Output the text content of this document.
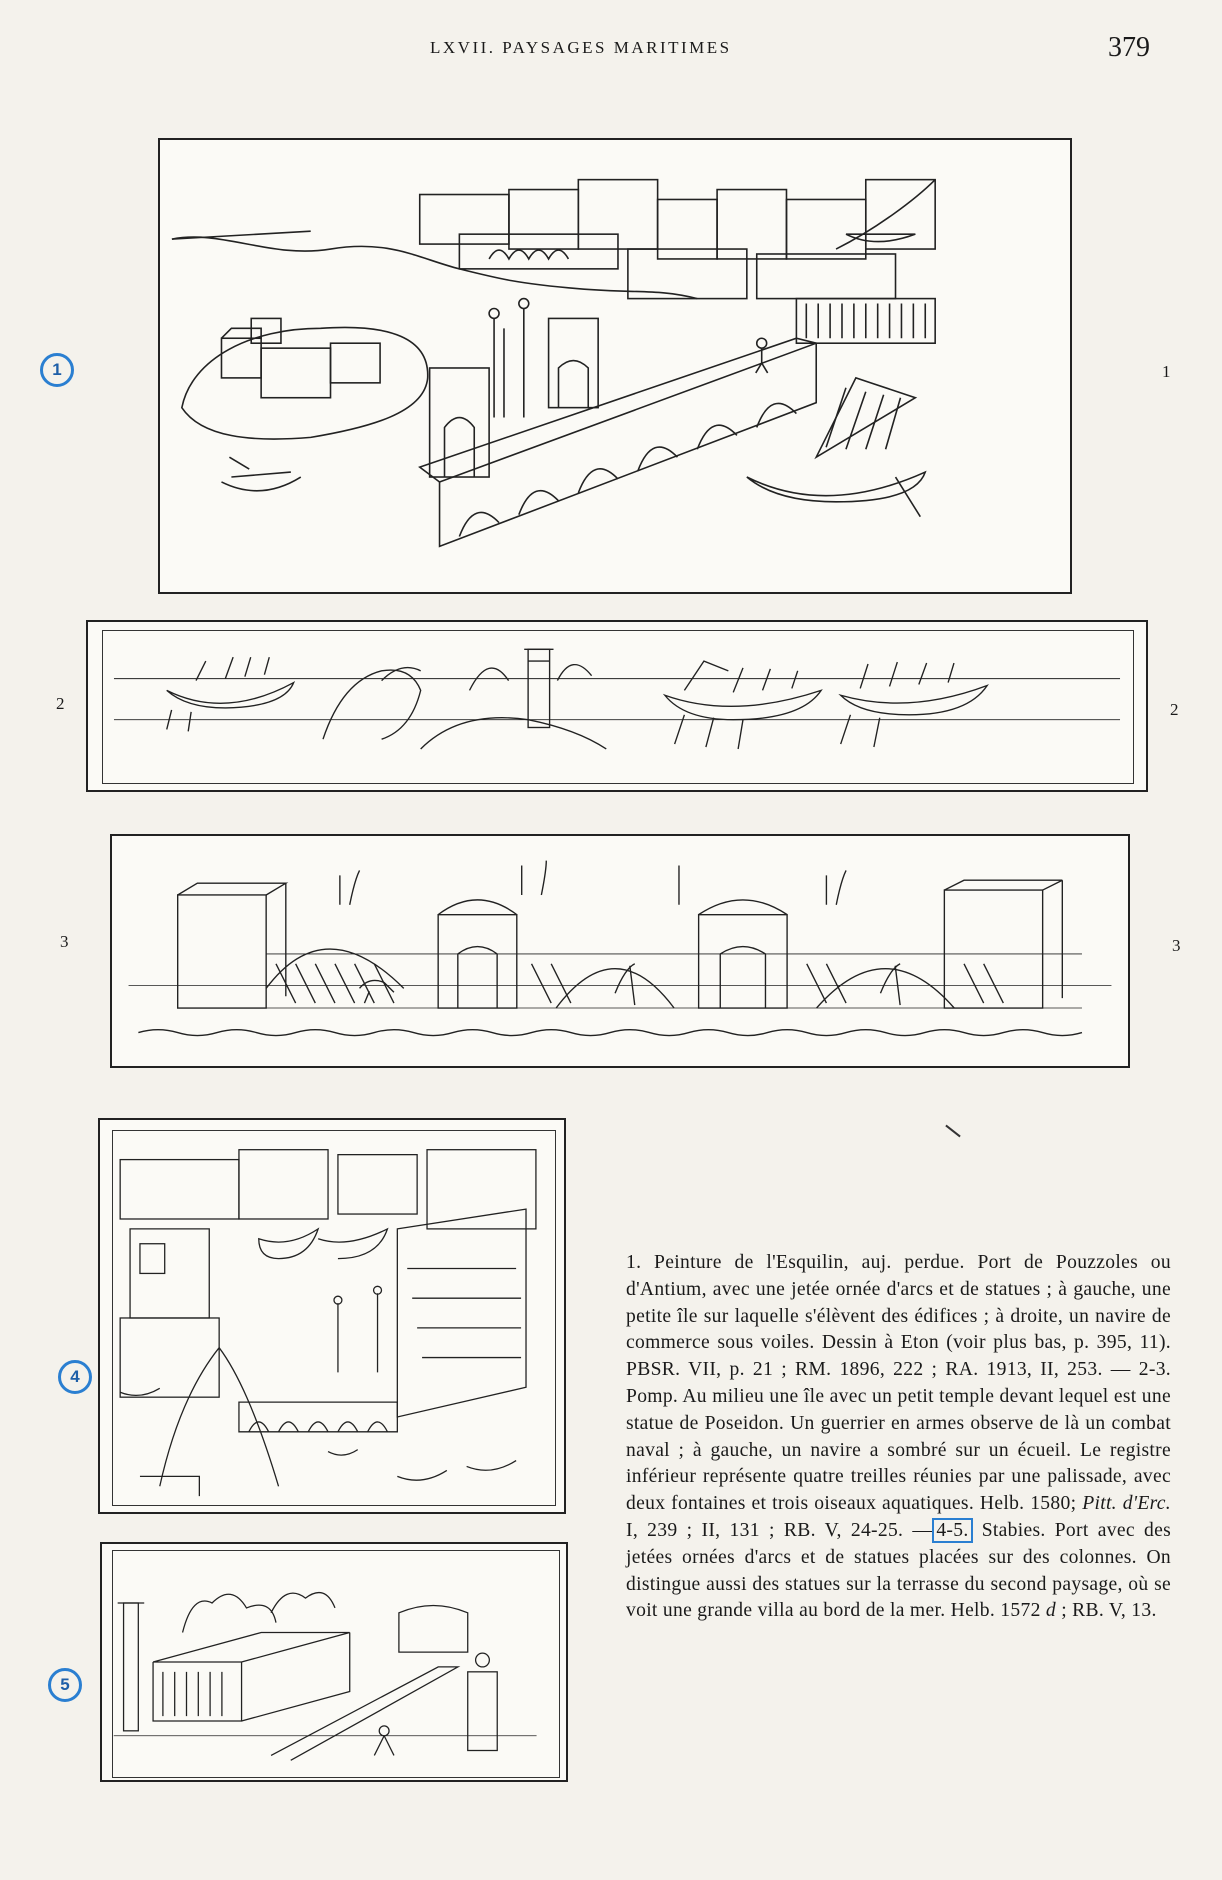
LXVII. PAYSAGES MARITIMES	379
1
1
2	2
3	3
4
5
1. Peinture de l'Esquilin, auj. perdue. Port de Pouzzoles ou d'Antium, avec une jetée ornée d'arcs et de statues ; à gauche, une petite île sur laquelle s'élèvent des édifices ; à droite, un navire de commerce sous voiles. Dessin à Eton (voir plus bas, p. 395, 11). PBSR. VII, p. 21 ; RM. 1896, 222 ; RA. 1913, II, 253. — 2-3. Pomp. Au milieu une île avec un petit temple devant lequel est une statue de Poseidon. Un guerrier en armes observe de là un combat naval ; à gauche, un navire a sombré sur un écueil. Le registre inférieur représente quatre treilles réunies par une palissade, avec deux fontaines et trois oiseaux aquatiques. Helb. 1580; Pitt. d'Erc. I, 239 ; II, 131 ; RB. V, 24-25. — 4-5. Stabies. Port avec des jetées ornées d'arcs et de statues placées sur des colonnes. On distingue aussi des statues sur la terrasse du second paysage, où se voit une grande villa au bord de la mer. Helb. 1572 d ; RB. V, 13.
